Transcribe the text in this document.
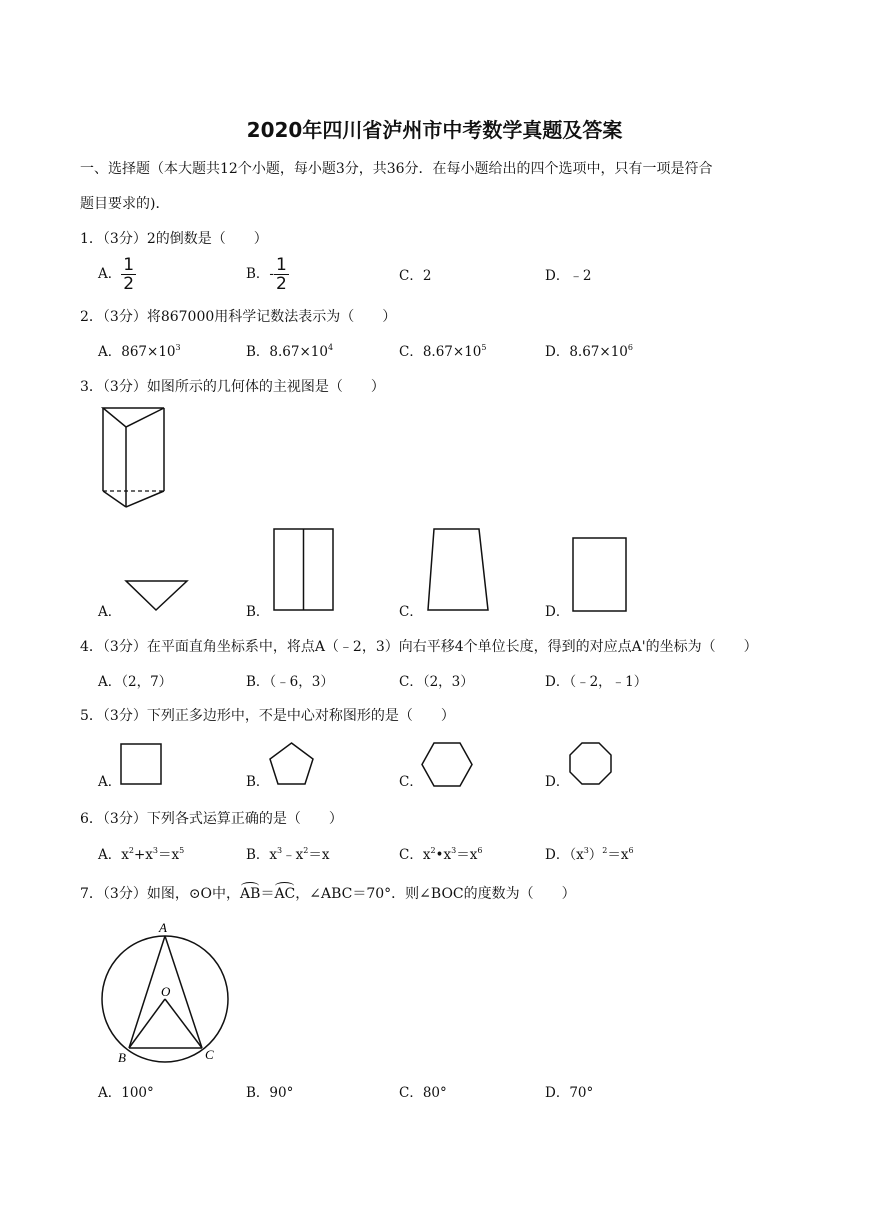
2020年四川省泸州市中考数学真题及答案
一、选择题（本大题共12个小题，每小题3分，共36分．在每小题给出的四个选项中，只有一项是符合
题目要求的)．
1．（3分）2的倒数是（　　）
A． $\frac{1}{2}$	B．- $\frac{1}{2}$	C．2	D．﹣2
2．（3分）将867000用科学记数法表示为（　　）
A．$867\times 10^3$	B．$8.67\times 10^4$	C．$8.67\times 10^5$	D．$8.67\times 10^6$
3．（3分）如图所示的几何体的主视图是（　　）
A．	B．	C．	D．
4．（3分）在平面直角坐标系中，将点A（﹣2，3）向右平移4个单位长度，得到的对应点A'的坐标为（　　）
A．（2，7）	B．（﹣6，3）	C．（2，3）	D．（﹣2，﹣1）
5．（3分）下列正多边形中，不是中心对称图形的是（　　）
A．	B．	C．	D．
6．（3分）下列各式运算正确的是（　　）
A．$x^2+x^3=x^5$	B．$x^3﹣x^2=x$	C．$x^2•x^3=x^6$	D．$(x^3)^2=x^6$
7．（3分）如图，⊙O中，AB＝AC，∠ABC＝70°．则∠BOC的度数为（　　）
A
O
B	C
A．100°	B．90°	C．80°	D．70°
